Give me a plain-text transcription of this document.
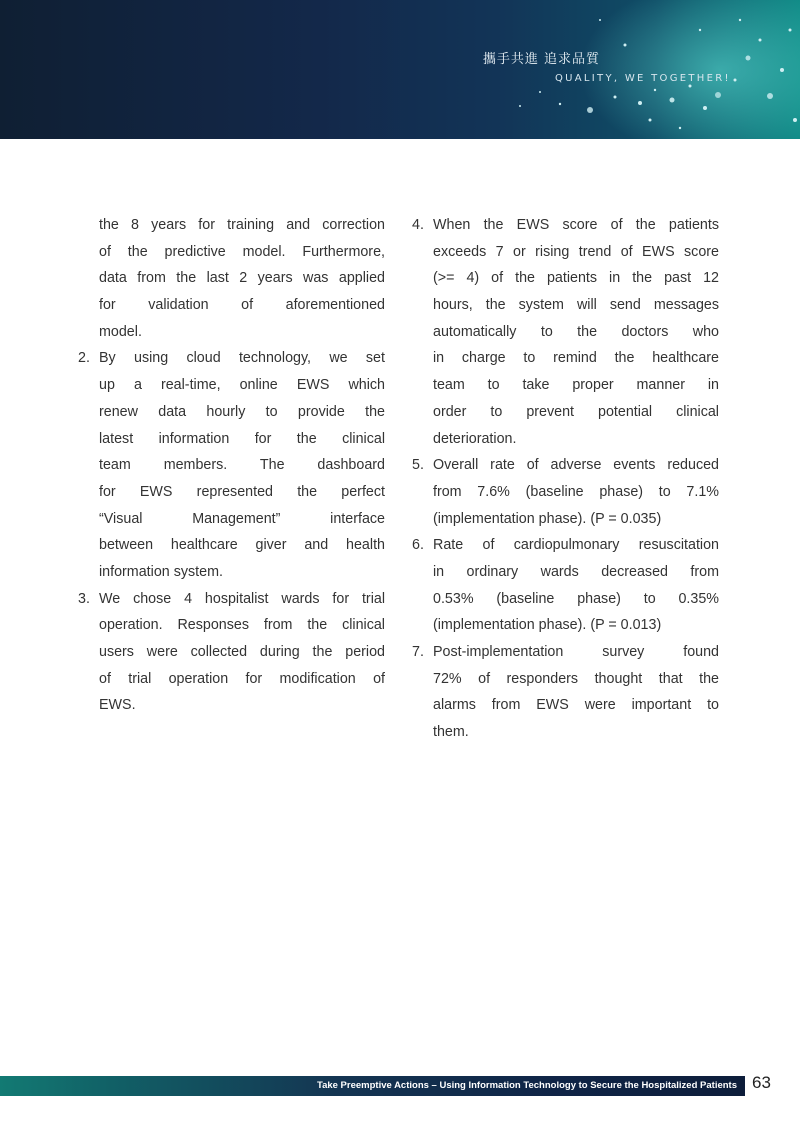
攜手共進 追求品質
QUALITY, WE TOGETHER!
the 8 years for training and correction
of the predictive model. Furthermore,
data from the last 2 years was applied
for validation of aforementioned
model.
2. By using cloud technology, we set
up a real-time, online EWS which
renew data hourly to provide the
latest information for the clinical
team members. The dashboard
for EWS represented the perfect
“Visual Management” interface
between healthcare giver and health
information system.
3. We chose 4 hospitalist wards for trial
operation. Responses from the clinical
users were collected during the period
of trial operation for modification of
EWS.
4. When the EWS score of the patients
exceeds 7 or rising trend of EWS score
(>= 4) of the patients in the past 12
hours, the system will send messages
automatically to the doctors who
in charge to remind the healthcare
team to take proper manner in
order to prevent potential clinical
deterioration.
5. Overall rate of adverse events reduced
from 7.6% (baseline phase) to 7.1%
(implementation phase). (P = 0.035)
6. Rate of cardiopulmonary resuscitation
in ordinary wards decreased from
0.53% (baseline phase) to 0.35%
(implementation phase). (P = 0.013)
7. Post-implementation survey found
72% of responders thought that the
alarms from EWS were important to
them.
Take Preemptive Actions – Using Information Technology to Secure the Hospitalized Patients 63
